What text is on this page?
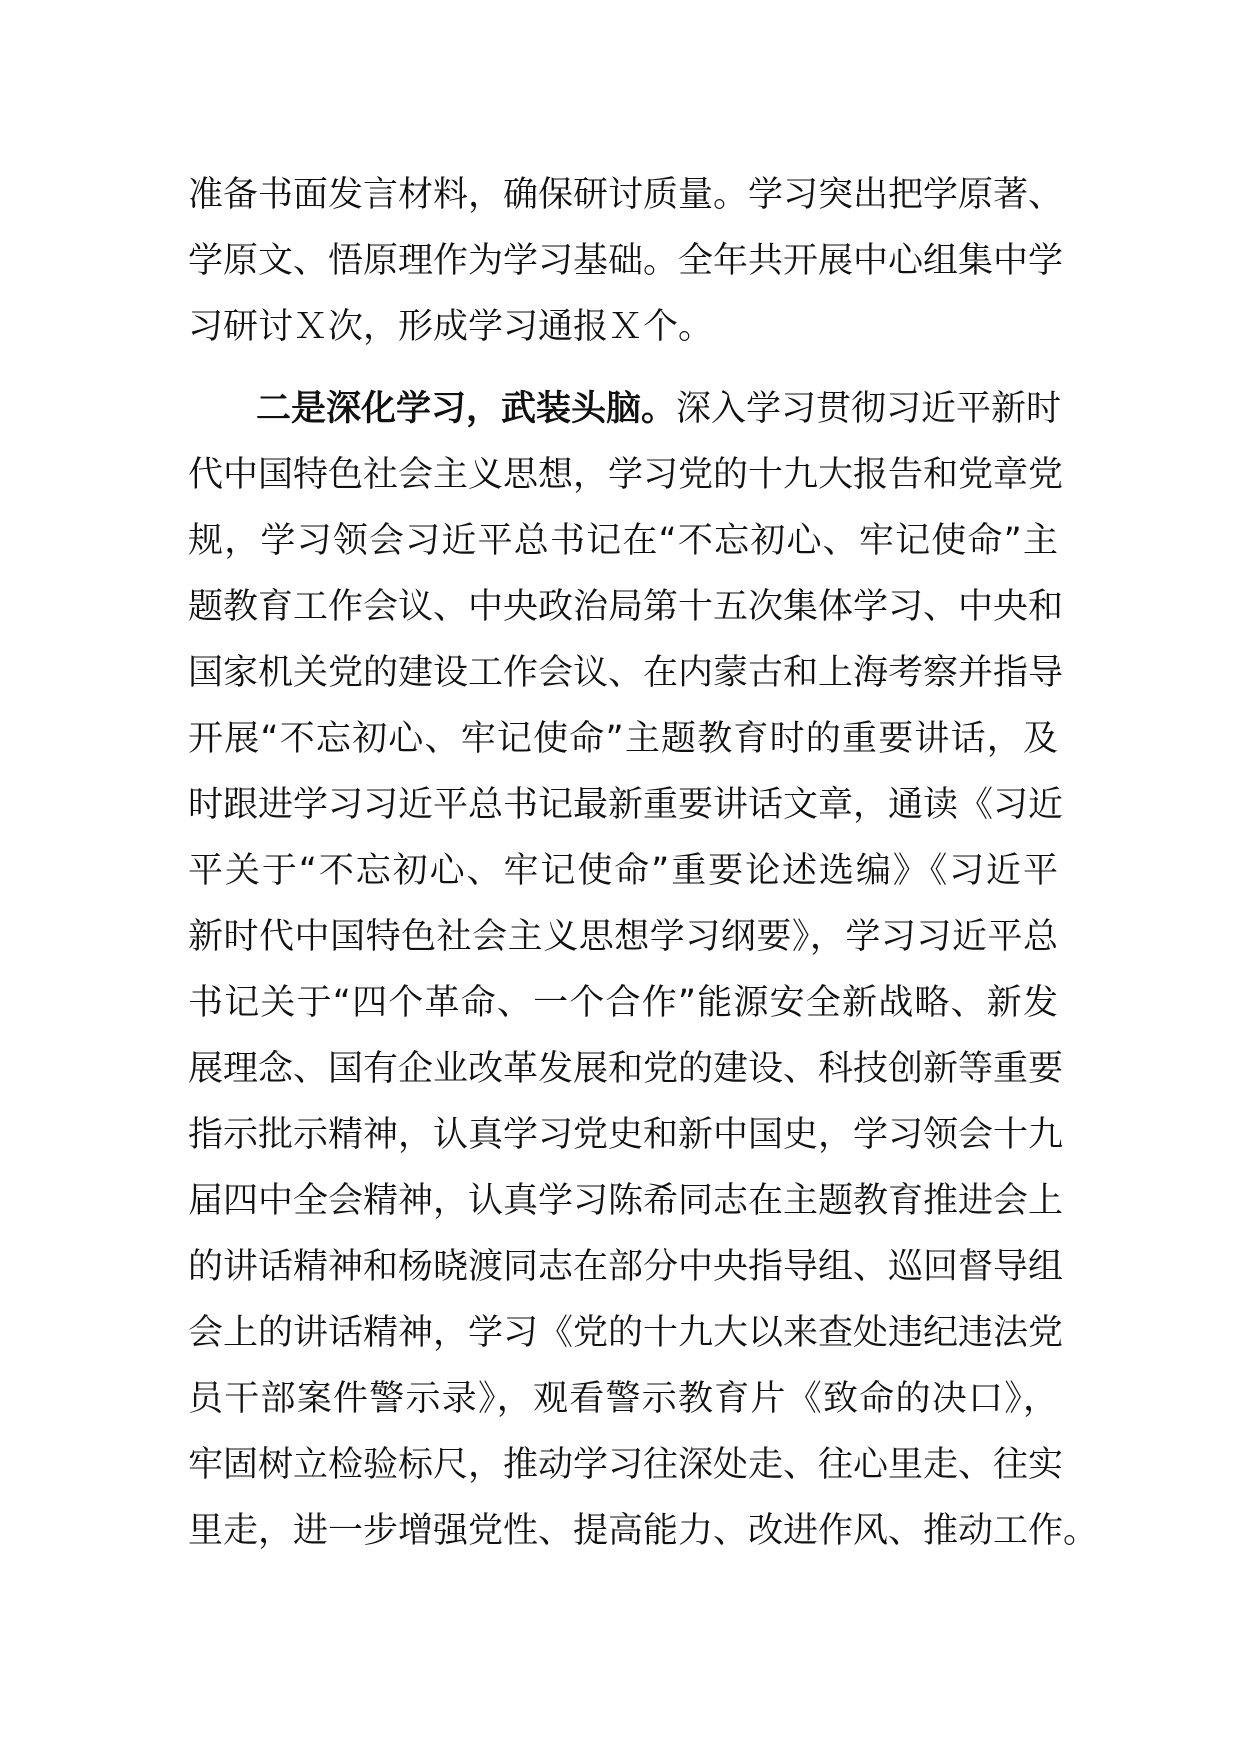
准备书面发言材料，确保研讨质量。学习突出把学原著、
学原文、悟原理作为学习基础。全年共开展中心组集中学
习研讨Ｘ次，形成学习通报Ｘ个。
二是深化学习，武装头脑。深入学习贯彻习近平新时
代中国特色社会主义思想，学习党的十九大报告和党章党
规，学习领会习近平总书记在“不忘初心、牢记使命”主
题教育工作会议、中央政治局第十五次集体学习、中央和
国家机关党的建设工作会议、在内蒙古和上海考察并指导
开展“不忘初心、牢记使命”主题教育时的重要讲话，及
时跟进学习习近平总书记最新重要讲话文章，通读《习近
平关于“不忘初心、牢记使命”重要论述选编》《习近平
新时代中国特色社会主义思想学习纲要》，学习习近平总
书记关于“四个革命、一个合作”能源安全新战略、新发
展理念、国有企业改革发展和党的建设、科技创新等重要
指示批示精神，认真学习党史和新中国史，学习领会十九
届四中全会精神，认真学习陈希同志在主题教育推进会上
的讲话精神和杨晓渡同志在部分中央指导组、巡回督导组
会上的讲话精神，学习《党的十九大以来查处违纪违法党
员干部案件警示录》，观看警示教育片《致命的决口》，
牢固树立检验标尺，推动学习往深处走、往心里走、往实
里走，进一步增强党性、提高能力、改进作风、推动工作。
